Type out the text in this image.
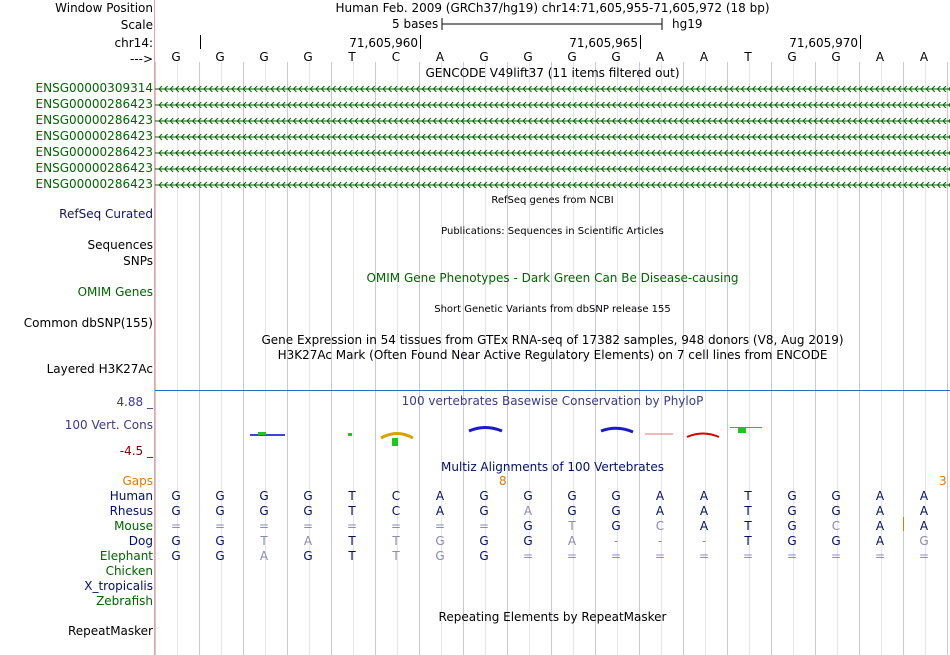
Window Position	Human Feb. 2009 (GRCh37/hg19) chr14:71,605,955-71,605,972 (18 bp)
Scale	5 bases	hg19
chr14:	71,605,960	71,605,965	71,605,970
---> G	G	G	G	T	C	A	G	G	G	G	A	A	T	G	G	A	A
GENCODE V49lift37 (11 items filtered out)
ENSG00000309314
ENSG00000286423
ENSG00000286423
ENSG00000286423
ENSG00000286423
ENSG00000286423
ENSG00000286423
RefSeq genes from NCBI
RefSeq Curated
Publications: Sequences in Scientific Articles
Sequences
SNPs
OMIM Gene Phenotypes - Dark Green Can Be Disease-causing
OMIM Genes
Short Genetic Variants from dbSNP release 155
Common dbSNP(155)
Gene Expression in 54 tissues from GTEx RNA-seq of 17382 samples, 948 donors (V8, Aug 2019)
H3K27Ac Mark (Often Found Near Active Regulatory Elements) on 7 cell lines from ENCODE
Layered H3K27Ac
4.88 _	100 vertebrates Basewise Conservation by PhyloP
100 Vert. Cons
-4.5 _
Multiz Alignments of 100 Vertebrates
Gaps	8	3
Human G	G	G	G	T	C	A	G	G	G	G	A	A	T	G	G	A	A
Rhesus G	G	G	G	T	C	A	G	A	G	G	A	A	T	G	G	A	A
Mouse =	=	=	=	=	=	=	=	G	T	G	C	A	T	G	C	A	A
Dog G	G	T	A	T	T	G	G	G	A	-	-	-	T	G	G	A	G
Elephant G	G	A	G	T	T	G	G	=	=	=	=	=	=	=	=	=	=
Chicken
X_tropicalis
Zebrafish
Repeating Elements by RepeatMasker
RepeatMasker
